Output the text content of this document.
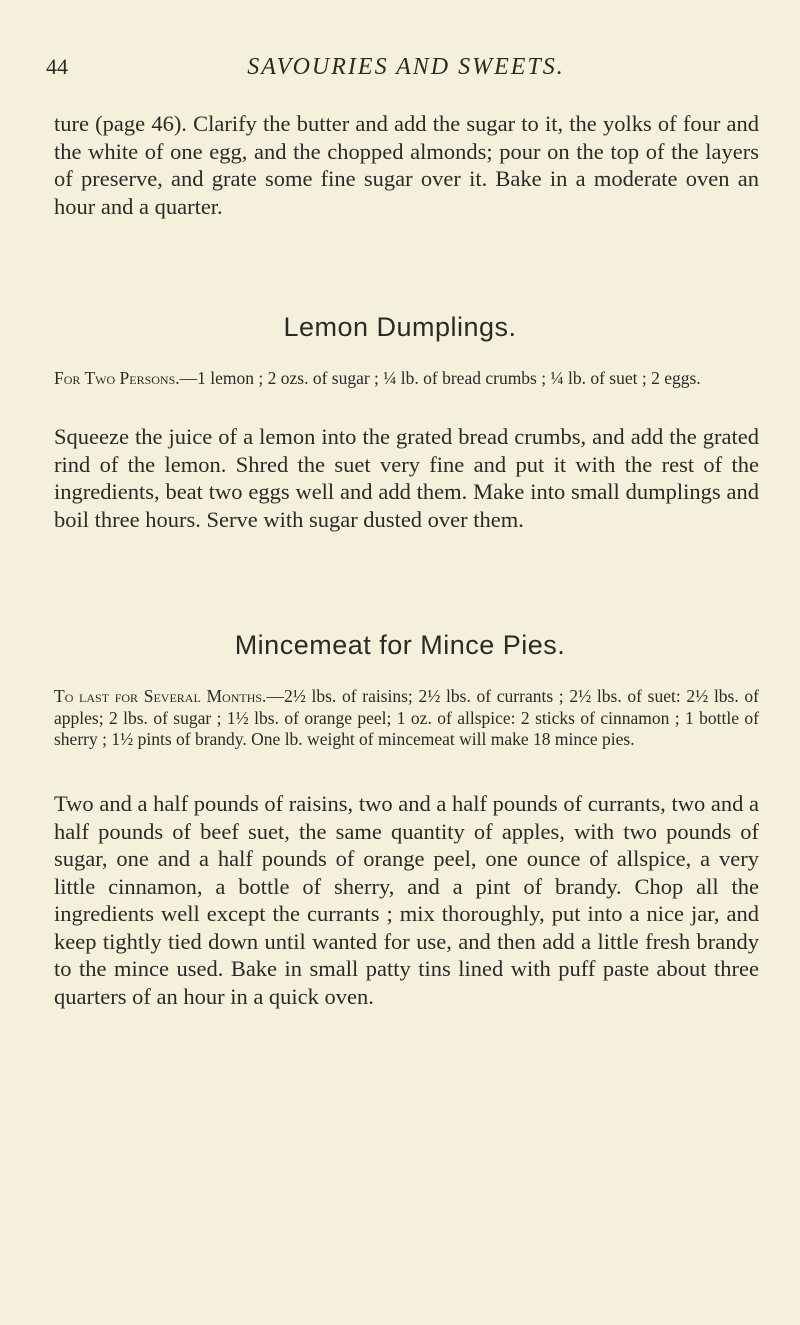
44	SAVOURIES AND SWEETS.

ture (page 46). Clarify the butter and add the sugar to it, the yolks of four and the white of one egg, and the chopped almonds; pour on the top of the layers of preserve, and grate some fine sugar over it. Bake in a moderate oven an hour and a quarter.

Lemon Dumplings.

For Two Persons.—1 lemon ; 2 ozs. of sugar ; ¼ lb. of bread crumbs ; ¼ lb. of suet ; 2 eggs.

Squeeze the juice of a lemon into the grated bread crumbs, and add the grated rind of the lemon. Shred the suet very fine and put it with the rest of the ingredients, beat two eggs well and add them. Make into small dumplings and boil three hours. Serve with sugar dusted over them.

Mincemeat for Mince Pies.

To last for Several Months.—2½ lbs. of raisins; 2½ lbs. of currants ; 2½ lbs. of suet: 2½ lbs. of apples; 2 lbs. of sugar ; 1½ lbs. of orange peel; 1 oz. of allspice: 2 sticks of cinnamon ; 1 bottle of sherry ; 1½ pints of brandy. One lb. weight of mincemeat will make 18 mince pies.

Two and a half pounds of raisins, two and a half pounds of currants, two and a half pounds of beef suet, the same quantity of apples, with two pounds of sugar, one and a half pounds of orange peel, one ounce of allspice, a very little cinnamon, a bottle of sherry, and a pint of brandy. Chop all the ingredients well except the currants ; mix thoroughly, put into a nice jar, and keep tightly tied down until wanted for use, and then add a little fresh brandy to the mince used. Bake in small patty tins lined with puff paste about three quarters of an hour in a quick oven.
